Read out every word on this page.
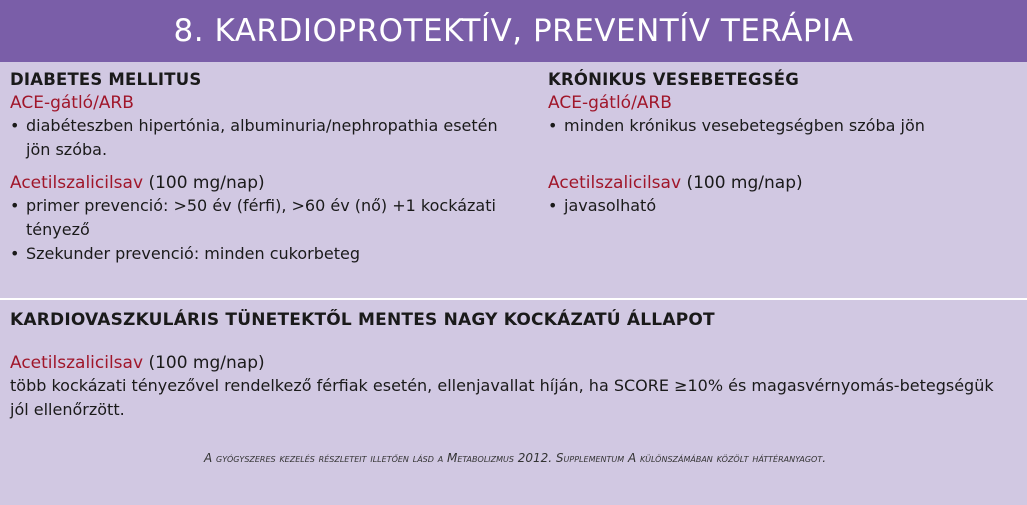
8. KARDIOPROTEKTÍV, PREVENTÍV TERÁPIA
DIABETES MELLITUS
ACE-gátló/ARB
• diabéteszben hipertónia, albuminuria/nephropathia esetén jön szóba.
Acetilszalicilsav (100 mg/nap)
• primer prevenció: >50 év (férfi), >60 év (nő) +1 kockázati tényező
• Szekunder prevenció: minden cukorbeteg
KRÓNIKUS VESEBETEGSÉG
ACE-gátló/ARB
• minden krónikus vesebetegségben szóba jön
Acetilszalicilsav (100 mg/nap)
• javasolható
KARDIOVASZKULÁRIS TÜNETEKTŐL MENTES NAGY KOCKÁZATÚ ÁLLAPOT
Acetilszalicilsav (100 mg/nap)
több kockázati tényezővel rendelkező férfiak esetén, ellenjavallat híján, ha SCORE ≥10% és magasvérnyomás-betegségük jól ellenőrzött.
A gyógyszeres kezelés részleteit illetően lásd a Metabolizmus 2012. Supplementum A különszámában közölt háttéranyagot.
